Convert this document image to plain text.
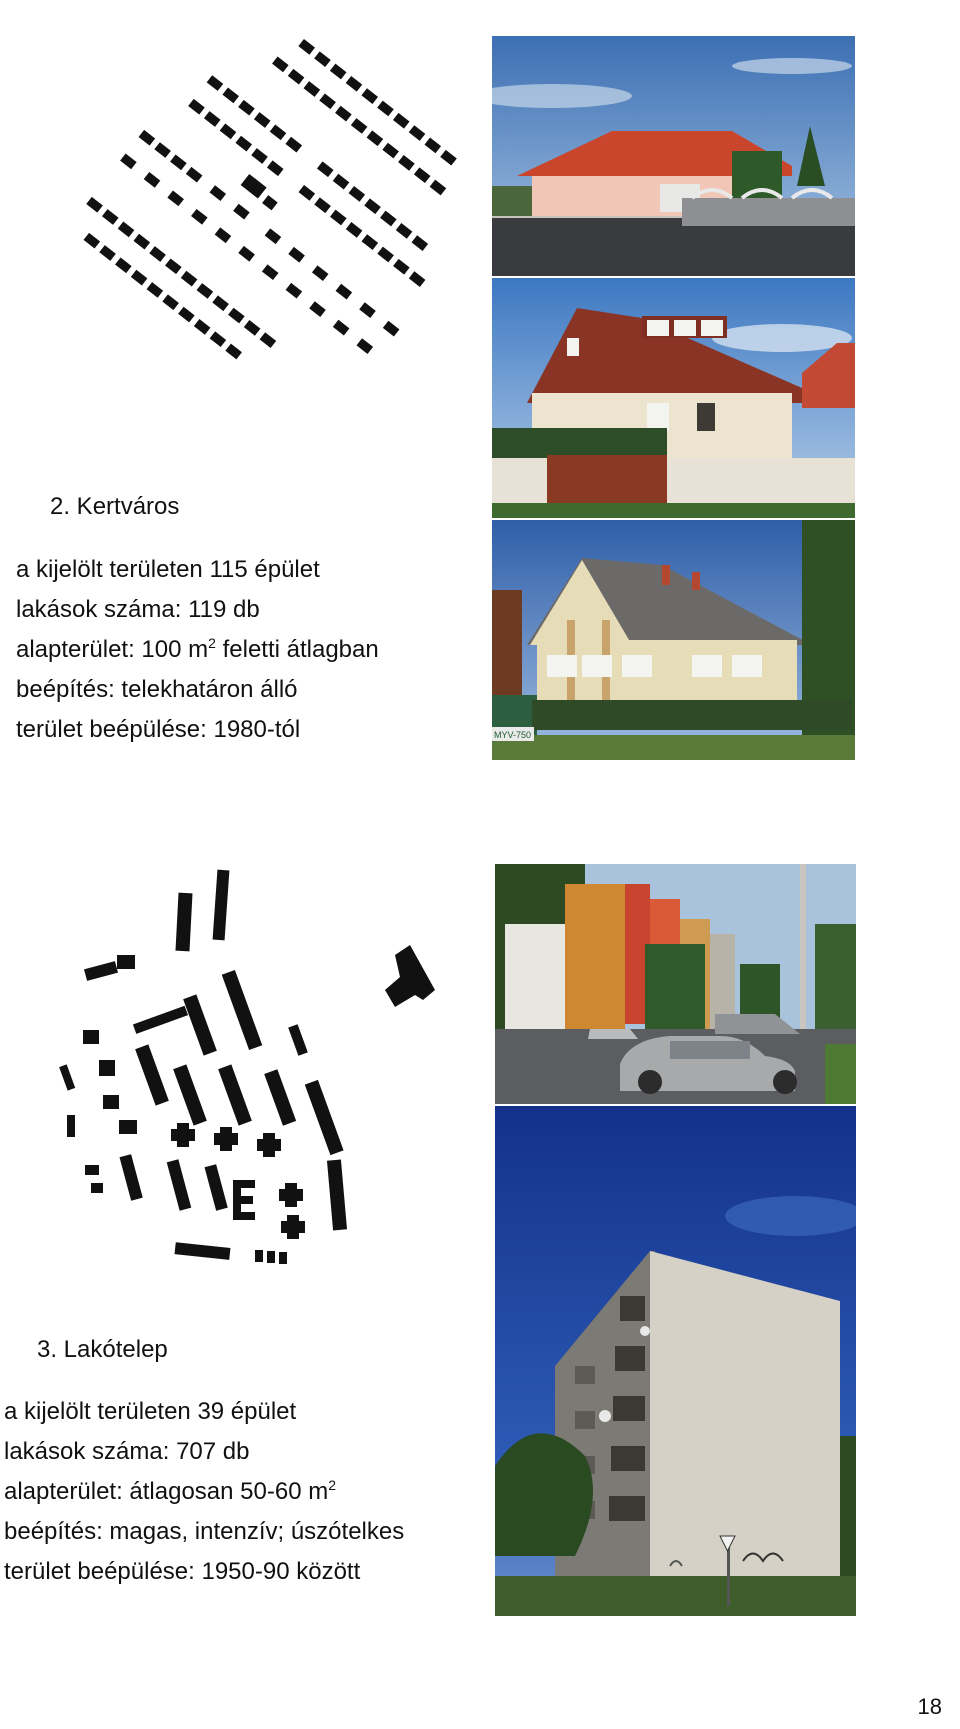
MYV-750
2. Kertváros
a kijelölt területen 115 épület
lakások száma: 119 db
alapterület: 100 $m^2$ feletti átlagban
beépítés: telekhatáron álló
terület beépülése: 1980-tól
3. Lakótelep
a kijelölt területen 39 épület
lakások száma: 707 db
alapterület: átlagosan 50-60 $m^2$
beépítés: magas, intenzív; úszótelkes
terület beépülése: 1950-90 között
18
